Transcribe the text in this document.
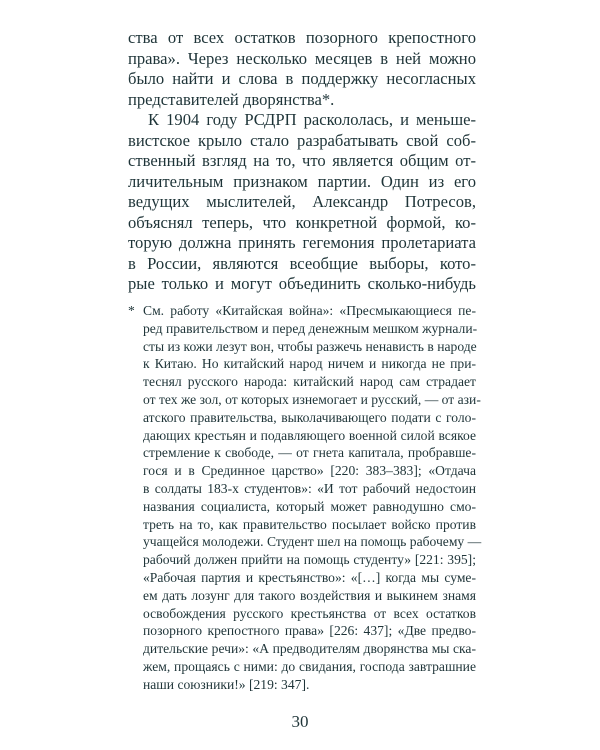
ства от всех остатков позорного крепостного
права». Через несколько месяцев в ней можно
было найти и слова в поддержку несогласных
представителей дворянства*.
К 1904 году РСДРП раскололась, и меньше-
вистское крыло стало разрабатывать свой соб-
ственный взгляд на то, что является общим от-
личительным признаком партии. Один из его
ведущих мыслителей, Александр Потресов,
объяснял теперь, что конкретной формой, ко-
торую должна принять гегемония пролетариата
в России, являются всеобщие выборы, кото-
рые только и могут объединить сколько-нибудь
* См. работу «Китайская война»: «Пресмыкающиеся пе-
ред правительством и перед денежным мешком журнали-
сты из кожи лезут вон, чтобы разжечь ненависть в народе
к Китаю. Но китайский народ ничем и никогда не при-
теснял русского народа: китайский народ сам страдает
от тех же зол, от которых изнемогает и русский, — от ази-
атского правительства, выколачивающего подати с голо-
дающих крестьян и подавляющего военной силой всякое
стремление к свободе, — от гнета капитала, пробравше-
гося и в Срединное царство» [220: 383–383]; «Отдача
в солдаты 183-х студентов»: «И тот рабочий недостоин
названия социалиста, который может равнодушно смо-
треть на то, как правительство посылает войско против
учащейся молодежи. Студент шел на помощь рабочему —
рабочий должен прийти на помощь студенту» [221: 395];
«Рабочая партия и крестьянство»: «[…] когда мы суме-
ем дать лозунг для такого воздействия и выкинем знамя
освобождения русского крестьянства от всех остатков
позорного крепостного права» [226: 437]; «Две предво-
дительские речи»: «А предводителям дворянства мы ска-
жем, прощаясь с ними: до свидания, господа завтрашние
наши союзники!» [219: 347].
30
